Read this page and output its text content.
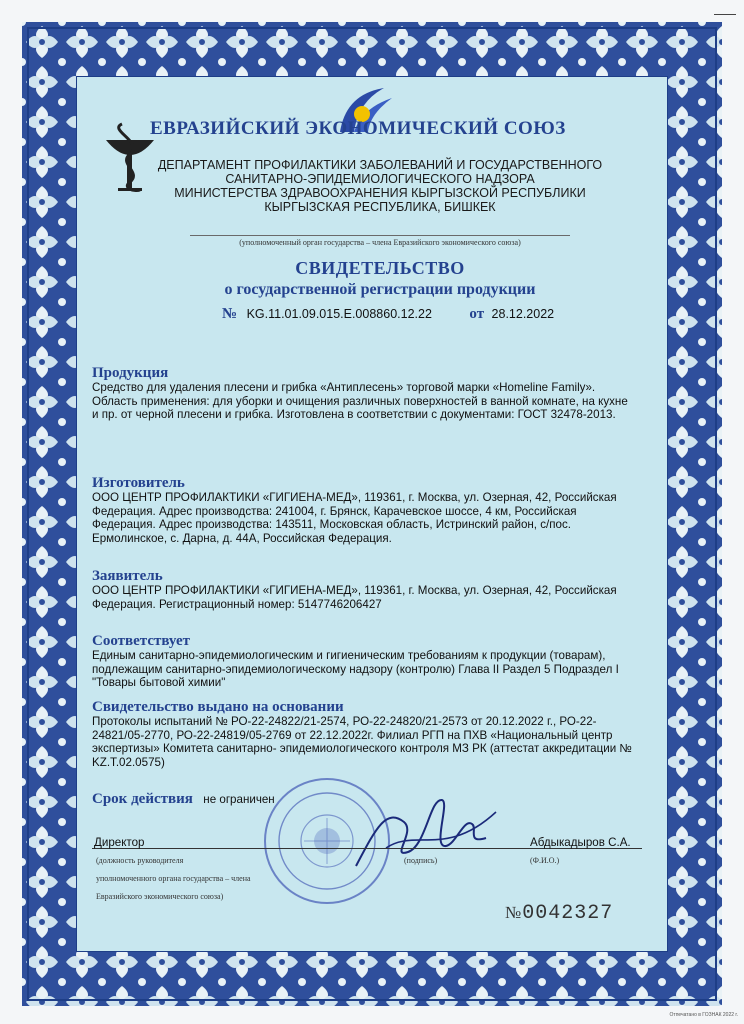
ЕВРАЗИЙСКИЙ ЭКОНОМИЧЕСКИЙ СОЮЗ
ДЕПАРТАМЕНТ ПРОФИЛАКТИКИ ЗАБОЛЕВАНИЙ И ГОСУДАРСТВЕННОГО
САНИТАРНО-ЭПИДЕМИОЛОГИЧЕСКОГО НАДЗОРА
МИНИСТЕРСТВА ЗДРАВООХРАНЕНИЯ КЫРГЫЗСКОЙ РЕСПУБЛИКИ
КЫРГЫЗСКАЯ РЕСПУБЛИКА, БИШКЕК
(уполномоченный орган государства – члена Евразийского экономического союза)
СВИДЕТЕЛЬСТВО
о государственной регистрации продукции
№ KG.11.01.09.015.Е.008860.12.22 от 28.12.2022
Продукция
Средство для удаления плесени и грибка «Антиплесень» торговой марки «Homeline Family». Область применения: для уборки и очищения различных поверхностей в ванной комнате, на кухне и пр. от черной плесени и грибка. Изготовлена в соответствии с документами: ГОСТ 32478-2013.
Изготовитель
ООО ЦЕНТР ПРОФИЛАКТИКИ «ГИГИЕНА-МЕД», 119361, г. Москва, ул. Озерная, 42, Российская Федерация. Адрес производства: 241004, г. Брянск, Карачевское шоссе, 4 км, Российская Федерация. Адрес производства: 143511, Московская область, Истринский район, с/пос. Ермолинское, с. Дарна, д. 44А, Российская Федерация.
Заявитель
ООО ЦЕНТР ПРОФИЛАКТИКИ «ГИГИЕНА-МЕД», 119361, г. Москва, ул. Озерная, 42, Российская Федерация. Регистрационный номер: 5147746206427
Соответствует
Единым санитарно-эпидемиологическим и гигиеническим требованиям к продукции (товарам), подлежащим санитарно-эпидемиологическому надзору (контролю) Глава II Раздел 5 Подраздел I "Товары бытовой химии"
Свидетельство выдано на основании
Протоколы испытаний № РО-22-24822/21-2574, РО-22-24820/21-2573 от 20.12.2022 г., РО-22-24821/05-2770, РО-22-24819/05-2769 от 22.12.2022г. Филиал РГП на ПХВ «Национальный центр экспертизы» Комитета санитарно- эпидемиологического контроля МЗ РК (аттестат аккредитации № KZ.T.02.0575)
Срок действия не ограничен
Директор	Абдыкадыров С.А.
(должность руководителя
уполномоченного органа государства – члена
Евразийского экономического союза)
(подпись)	(Ф.И.О.)
№0042327
Отпечатано в ГОЗНАК 2022 г.
